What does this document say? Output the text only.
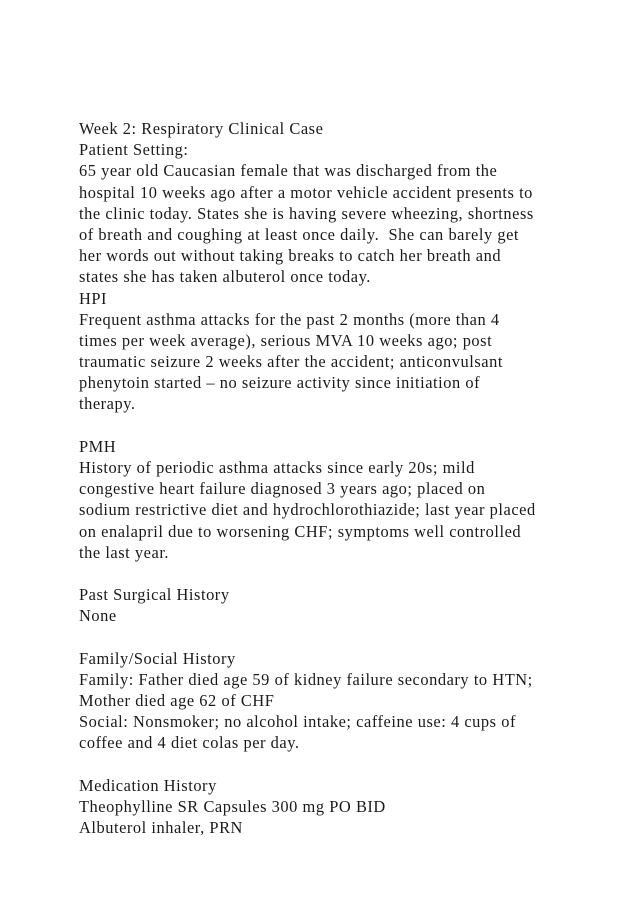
Week 2: Respiratory Clinical Case
Patient Setting:
65 year old Caucasian female that was discharged from the
hospital 10 weeks ago after a motor vehicle accident presents to
the clinic today. States she is having severe wheezing, shortness
of breath and coughing at least once daily.  She can barely get
her words out without taking breaks to catch her breath and
states she has taken albuterol once today.
HPI
Frequent asthma attacks for the past 2 months (more than 4
times per week average), serious MVA 10 weeks ago; post
traumatic seizure 2 weeks after the accident; anticonvulsant
phenytoin started – no seizure activity since initiation of
therapy.
PMH
History of periodic asthma attacks since early 20s; mild
congestive heart failure diagnosed 3 years ago; placed on
sodium restrictive diet and hydrochlorothiazide; last year placed
on enalapril due to worsening CHF; symptoms well controlled
the last year.
Past Surgical History
None
Family/Social History
Family: Father died age 59 of kidney failure secondary to HTN;
Mother died age 62 of CHF
Social: Nonsmoker; no alcohol intake; caffeine use: 4 cups of
coffee and 4 diet colas per day.
Medication History
Theophylline SR Capsules 300 mg PO BID
Albuterol inhaler, PRN
